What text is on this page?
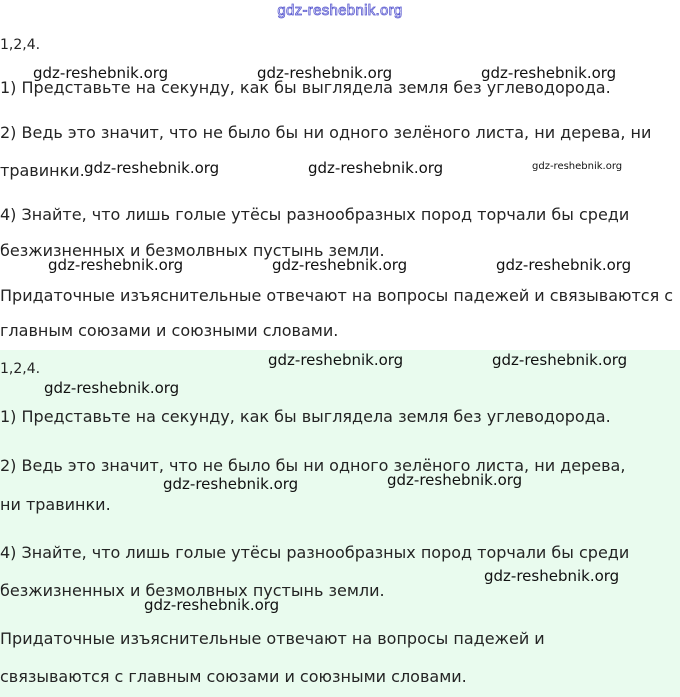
gdz-reshebnik.org
1,2,4.
gdz-reshebnik.org	gdz-reshebnik.org	gdz-reshebnik.org
1) Представьте на секунду, как бы выглядела земля без углеводорода.
2) Ведь это значит, что не было бы ни одного зелёного листа, ни дерева, ни
травинки. gdz-reshebnik.org	gdz-reshebnik.org	gdz-reshebnik.org
4) Знайте, что лишь голые утёсы разнообразных пород торчали бы среди
безжизненных и безмолвных пустынь земли.
gdz-reshebnik.org	gdz-reshebnik.org	gdz-reshebnik.org
Придаточные изъяснительные отвечают на вопросы падежей и связываются с
главным союзами и союзными словами.
1,2,4.	gdz-reshebnik.org	gdz-reshebnik.org
gdz-reshebnik.org
1) Представьте на секунду, как бы выглядела земля без углеводорода.
2) Ведь это значит, что не было бы ни одного зелёного листа, ни дерева,
gdz-reshebnik.org	gdz-reshebnik.org
ни травинки.
4) Знайте, что лишь голые утёсы разнообразных пород торчали бы среди
gdz-reshebnik.org
безжизненных и безмолвных пустынь земли.
gdz-reshebnik.org
Придаточные изъяснительные отвечают на вопросы падежей и
связываются с главным союзами и союзными словами.
